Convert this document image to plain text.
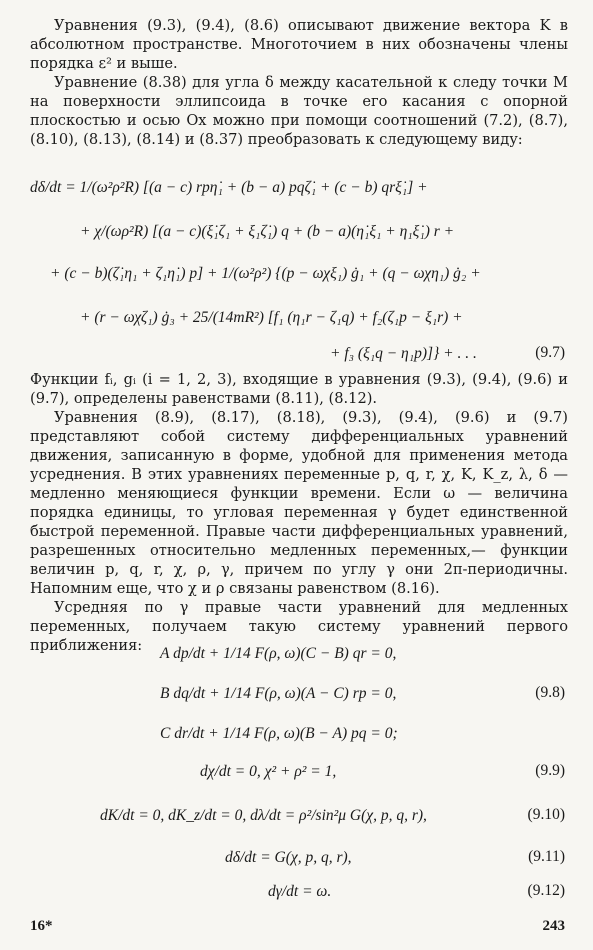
Уравнения (9.3), (9.4), (8.6) описывают движение вектора K в абсолютном пространстве. Многоточием в них обозначены члены порядка ε² и выше.

Уравнение (8.38) для угла δ между касательной к следу точки M на поверхности эллипсоида в точке его касания с опорной плоскостью и осью Ox можно при помощи соотношений (7.2), (8.7), (8.10), (8.13), (8.14) и (8.37) преобразовать к следующему виду:

dδ/dt = 1/(ω²ρ²R) [(a − c) rpη̇₁ + (b − a) pqζ̇₁ + (c − b) qrξ̇₁] +
+ χ/(ωρ²R) [(a − c)(ξ̇₁ζ₁ + ξ₁ζ̇₁) q + (b − a)(η̇₁ξ₁ + η₁ξ̇₁) r +
+ (c − b)(ζ̇₁η₁ + ζ₁η̇₁) p] + 1/(ω²ρ²) {(p − ωχξ₁) ġ₁ + (q − ωχη₁) ġ₂ +
+ (r − ωχζ₁) ġ₃ + 25/(14mR²) [f₁ (η₁r − ζ₁q) + f₂(ζ₁p − ξ₁r) +
+ f₃ (ξ₁q − η₁p)]} + . . .	(9.7)

Функции fᵢ, gᵢ (i = 1, 2, 3), входящие в уравнения (9.3), (9.4), (9.6) и (9.7), определены равенствами (8.11), (8.12).

Уравнения (8.9), (8.17), (8.18), (9.3), (9.4), (9.6) и (9.7) представляют собой систему дифференциальных уравнений движения, записанную в форме, удобной для применения метода усреднения. В этих уравнениях переменные p, q, r, χ, K, K_z, λ, δ — медленно меняющиеся функции времени. Если ω — величина порядка единицы, то угловая переменная γ будет единственной быстрой переменной. Правые части дифференциальных уравнений, разрешенных относительно медленных переменных,— функции величин p, q, r, χ, ρ, γ, причем по углу γ они 2π-периодичны. Напомним еще, что χ и ρ связаны равенством (8.16).

Усредняя по γ правые части уравнений для медленных переменных, получаем такую систему уравнений первого приближения:	A dp/dt + 1/14 F(ρ, ω)(C − B) qr = 0,
B dq/dt + 1/14 F(ρ, ω)(A − C) rp = 0,
C dr/dt + 1/14 F(ρ, ω)(B − A) pq = 0;
(9.8)
dχ/dt = 0, χ² + ρ² = 1,	(9.9)
dK/dt = 0, dK_z/dt = 0, dλ/dt = ρ²/sin²μ G(χ, p, q, r),	(9.10)
dδ/dt = G(χ, p, q, r),	(9.11)
dγ/dt = ω.	(9.12)
16*	243
